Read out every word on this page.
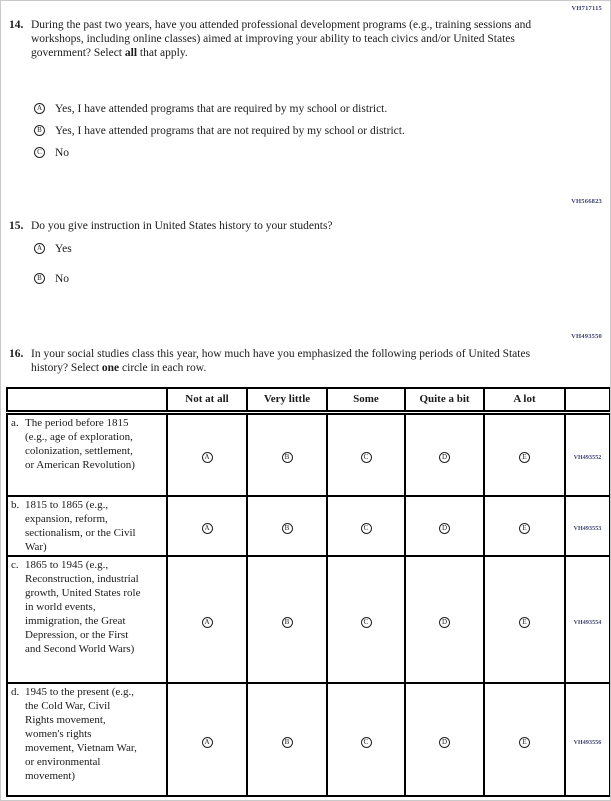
VH717115
14. During the past two years, have you attended professional development programs (e.g., training sessions and workshops, including online classes) aimed at improving your ability to teach civics and/or United States government? Select all that apply.
A Yes, I have attended programs that are required by my school or district.
B Yes, I have attended programs that are not required by my school or district.
C No
VH566823
15. Do you give instruction in United States history to your students?
A Yes
B No
VH493550
16. In your social studies class this year, how much have you emphasized the following periods of United States history? Select one circle in each row.
	Not at all	Very little	Some	Quite a bit	A lot	

a. The period before 1815 (e.g., age of exploration, colonization, settlement, or American Revolution)	A	B	C	D	E	VH493552

b. 1815 to 1865 (e.g., expansion, reform, sectionalism, or the Civil War)	A	B	C	D	E	VH493553

c. 1865 to 1945 (e.g., Reconstruction, industrial growth, United States role in world events, immigration, the Great Depression, or the First and Second World Wars)	A	B	C	D	E	VH493554

d. 1945 to the present (e.g., the Cold War, Civil Rights movement, women's rights movement, Vietnam War, or environmental movement)	A	B	C	D	E	VH493556
